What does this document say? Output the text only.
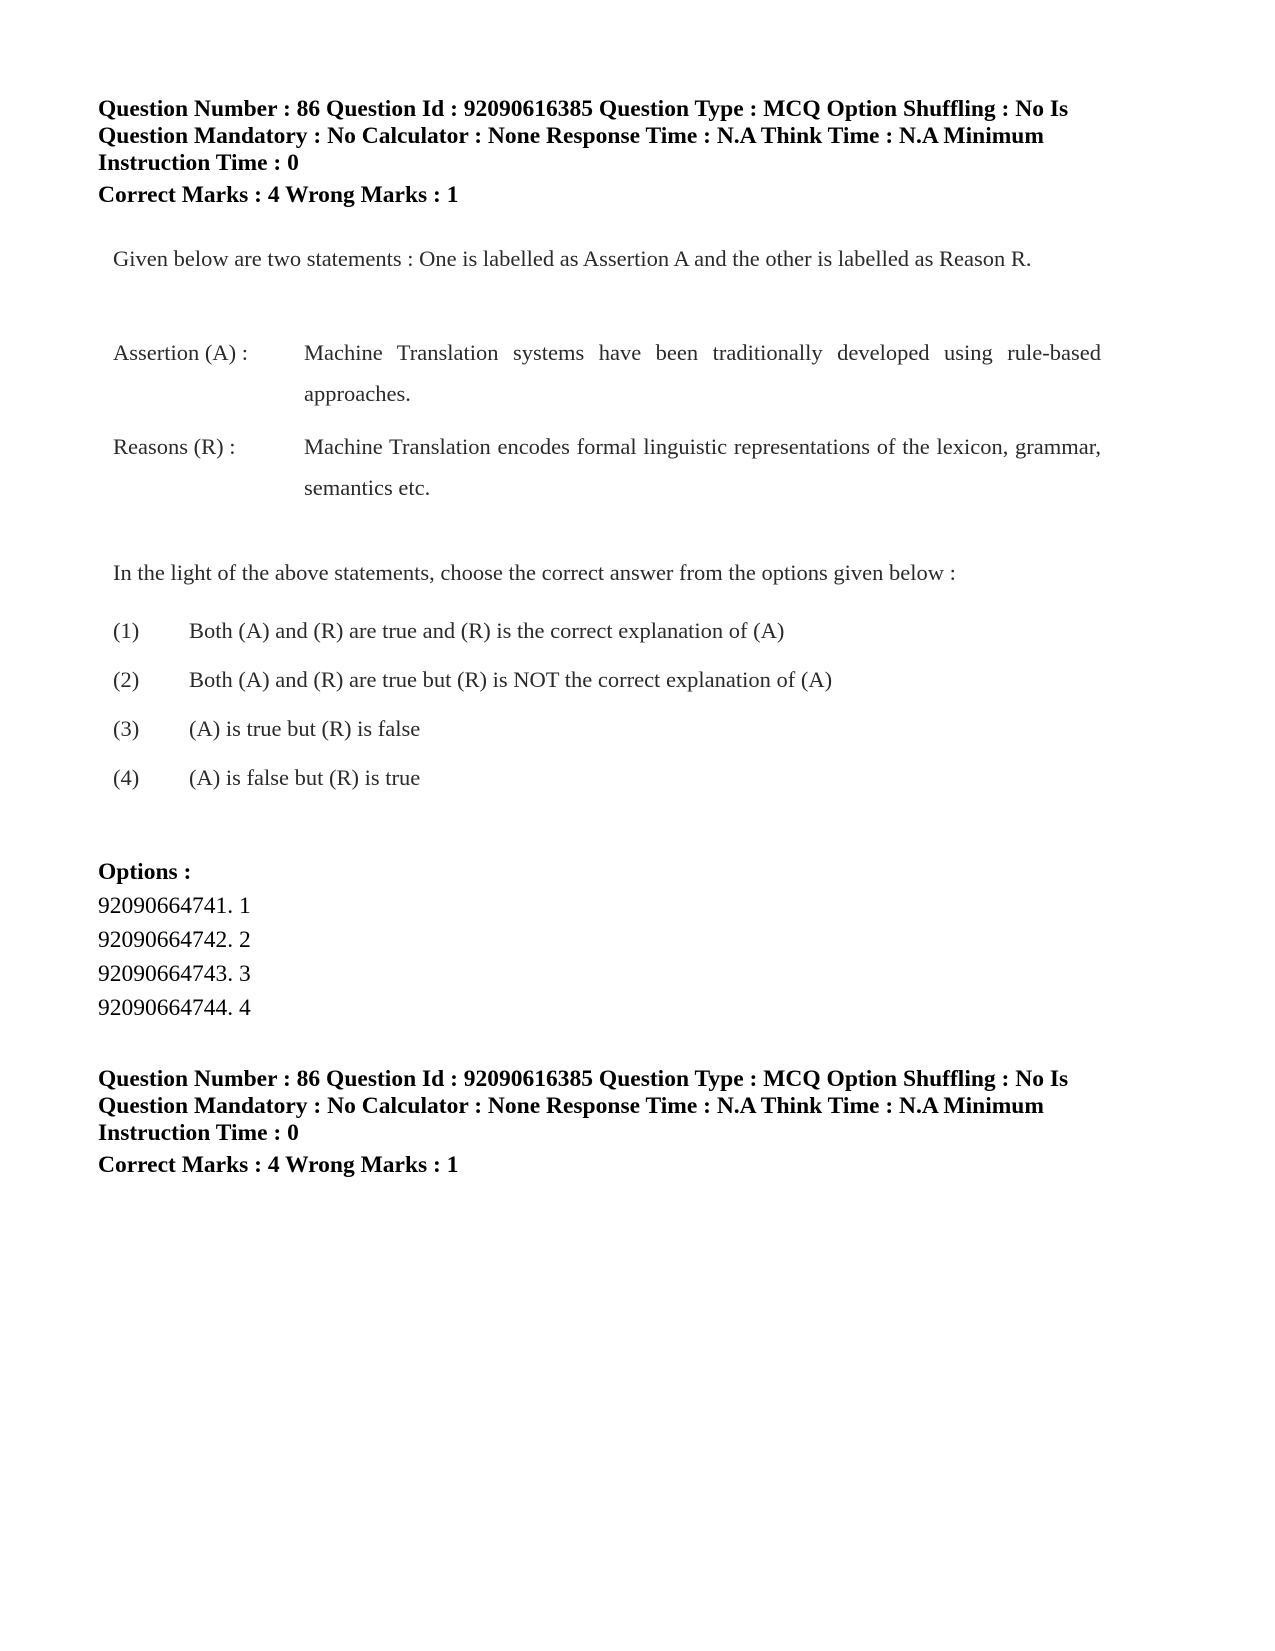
Question Number : 86 Question Id : 92090616385 Question Type : MCQ Option Shuffling : No Is
Question Mandatory : No Calculator : None Response Time : N.A Think Time : N.A Minimum
Instruction Time : 0
Correct Marks : 4 Wrong Marks : 1
Given below are two statements : One is labelled as Assertion A and the other is labelled as Reason R.
Assertion (A) : Machine Translation systems have been traditionally developed using rule-based approaches.
Reasons (R) :	Machine Translation encodes formal linguistic representations of the lexicon, grammar, semantics etc.
In the light of the above statements, choose the correct answer from the options given below :
(1) Both (A) and (R) are true and (R) is the correct explanation of (A)
(2) Both (A) and (R) are true but (R) is NOT the correct explanation of (A)
(3) (A) is true but (R) is false
(4) (A) is false but (R) is true
Options :
92090664741. 1
92090664742. 2
92090664743. 3
92090664744. 4
Question Number : 86 Question Id : 92090616385 Question Type : MCQ Option Shuffling : No Is
Question Mandatory : No Calculator : None Response Time : N.A Think Time : N.A Minimum
Instruction Time : 0
Correct Marks : 4 Wrong Marks : 1
